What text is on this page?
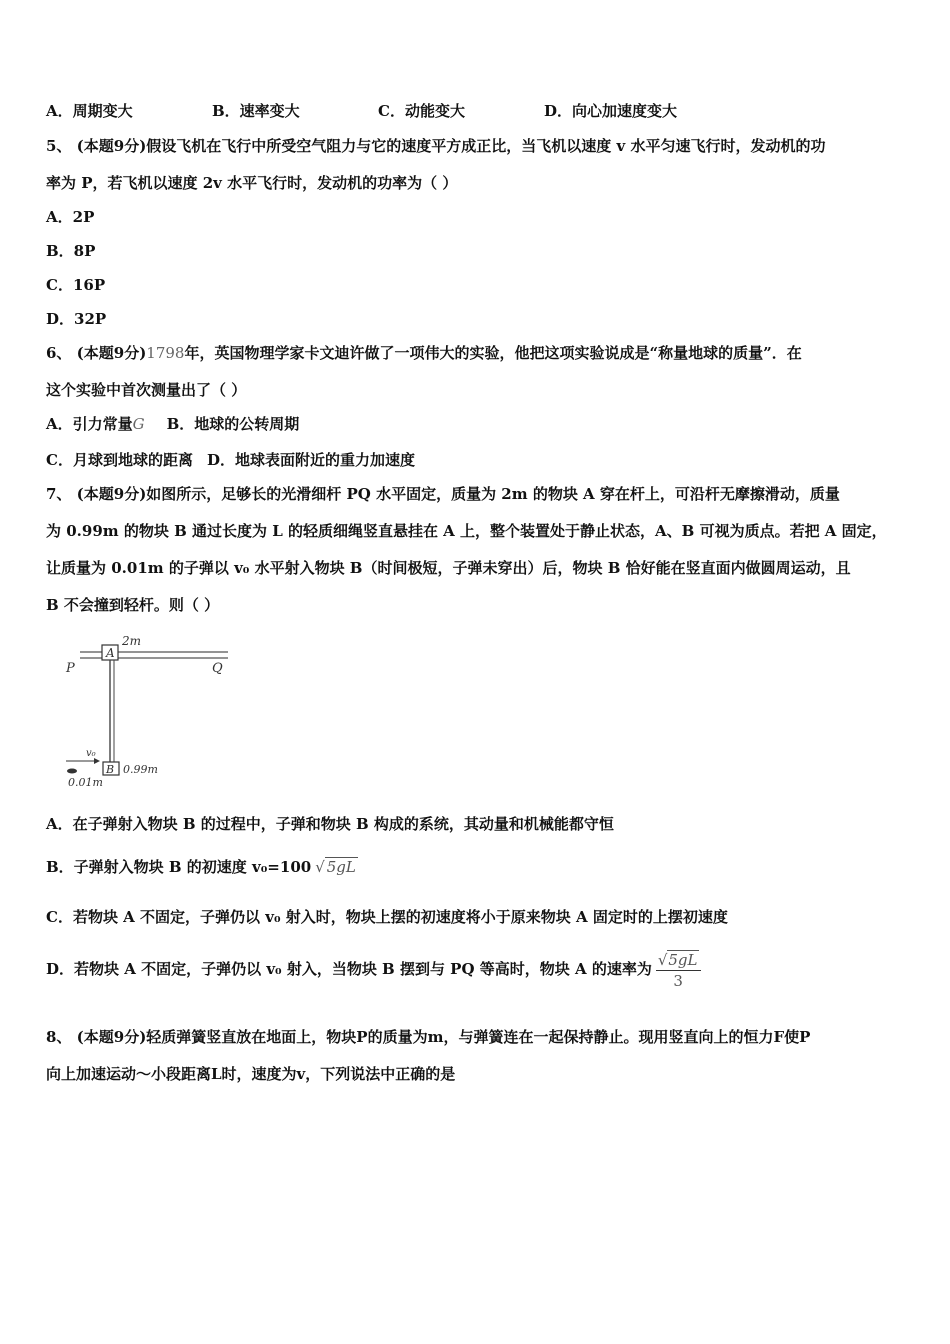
A．周期变大	B．速率变大	C．动能变大	D．向心加速度变大
5、 (本题9分)假设飞机在飞行中所受空气阻力与它的速度平方成正比，当飞机以速度 v 水平匀速飞行时，发动机的功
率为 P，若飞机以速度 2v 水平飞行时，发动机的功率为（ ）
A．2P
B．8P
C．16P
D．32P
6、 (本题9分)1798年，英国物理学家卡文迪许做了一项伟大的实验，他把这项实验说成是“称量地球的质量”．在
这个实验中首次测量出了（ ）
A．引力常量G B．地球的公转周期
C．月球到地球的距离 D．地球表面附近的重力加速度
7、 (本题9分)如图所示，足够长的光滑细杆 PQ 水平固定，质量为 2m 的物块 A 穿在杆上，可沿杆无摩擦滑动，质量
为 0.99m 的物块 B 通过长度为 L 的轻质细绳竖直悬挂在 A 上，整个装置处于静止状态，A、B 可视为质点。若把 A 固定，
让质量为 0.01m 的子弹以 v₀ 水平射入物块 B（时间极短，子弹未穿出）后，物块 B 恰好能在竖直面内做圆周运动，且
B 不会撞到轻杆。则（ ）
A
2m
P	Q
B 0.99m
v₀
0.01m
A．在子弹射入物块 B 的过程中，子弹和物块 B 构成的系统，其动量和机械能都守恒
B．子弹射入物块 B 的初速度 v₀=100 √ 5gL
C．若物块 A 不固定，子弹仍以 v₀ 射入时，物块上摆的初速度将小于原来物块 A 固定时的上摆初速度
D．若物块 A 不固定，子弹仍以 v₀ 射入，当物块 B 摆到与 PQ 等高时，物块 A 的速率为 $\frac{√5gL}{3}$
8、 (本题9分)轻质弹簧竖直放在地面上，物块P的质量为m，与弹簧连在一起保持静止。现用竖直向上的恒力F使P
向上加速运动〜小段距离L时，速度为v，下列说法中正确的是
